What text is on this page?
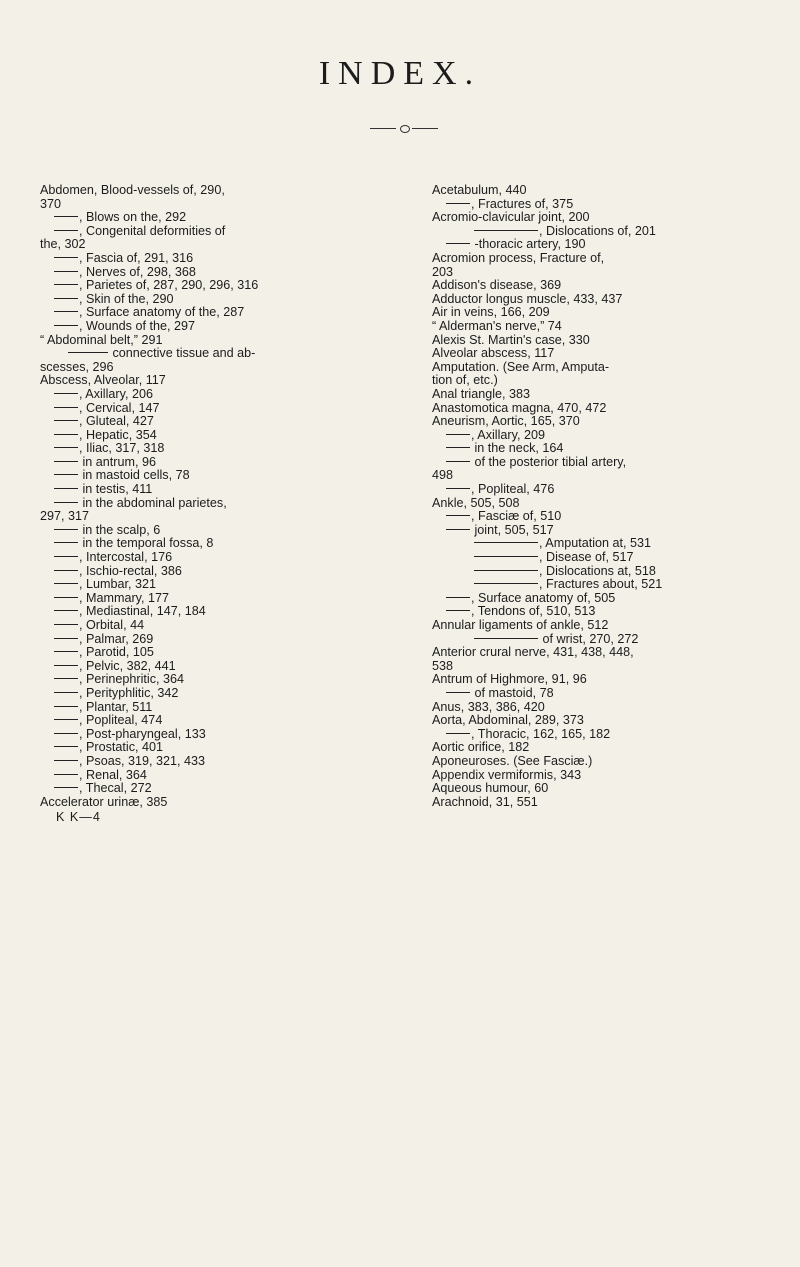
INDEX.

Abdomen, Blood-vessels of, 290,

370

, Blows on the, 292

, Congenital deformities of

the, 302

, Fascia of, 291, 316

, Nerves of, 298, 368

, Parietes of, 287, 290, 296, 316

, Skin of the, 290

, Surface anatomy of the, 287

, Wounds of the, 297

“ Abdominal belt,” 291

connective tissue and ab-

scesses, 296

Abscess, Alveolar, 117

, Axillary, 206

, Cervical, 147

, Gluteal, 427

, Hepatic, 354

, Iliac, 317, 318

in antrum, 96

in mastoid cells, 78

in testis, 411

in the abdominal parietes,

297, 317

in the scalp, 6

in the temporal fossa, 8

, Intercostal, 176

, Ischio-rectal, 386

, Lumbar, 321

, Mammary, 177

, Mediastinal, 147, 184

, Orbital, 44

, Palmar, 269

, Parotid, 105

, Pelvic, 382, 441

, Perinephritic, 364

, Perityphlitic, 342

, Plantar, 511

, Popliteal, 474

, Post-pharyngeal, 133

, Prostatic, 401

, Psoas, 319, 321, 433

, Renal, 364

, Thecal, 272

Accelerator urinæ, 385

K K—4

Acetabulum, 440

, Fractures of, 375

Acromio-clavicular joint, 200

, Dislocations of, 201

-thoracic artery, 190

Acromion process, Fracture of,

203

Addison's disease, 369

Adductor longus muscle, 433, 437

Air in veins, 166, 209

“ Alderman's nerve,” 74

Alexis St. Martin's case, 330

Alveolar abscess, 117

Amputation. (See Arm, Amputa-

tion of, etc.)

Anal triangle, 383

Anastomotica magna, 470, 472

Aneurism, Aortic, 165, 370

, Axillary, 209

in the neck, 164

of the posterior tibial artery,

498

, Popliteal, 476

Ankle, 505, 508

, Fasciæ of, 510

joint, 505, 517

, Amputation at, 531

, Disease of, 517

, Dislocations at, 518

, Fractures about, 521

, Surface anatomy of, 505

, Tendons of, 510, 513

Annular ligaments of ankle, 512

of wrist, 270, 272

Anterior crural nerve, 431, 438, 448,

538

Antrum of Highmore, 91, 96

of mastoid, 78

Anus, 383, 386, 420

Aorta, Abdominal, 289, 373

, Thoracic, 162, 165, 182

Aortic orifice, 182

Aponeuroses. (See Fasciæ.)

Appendix vermiformis, 343

Aqueous humour, 60

Arachnoid, 31, 551
